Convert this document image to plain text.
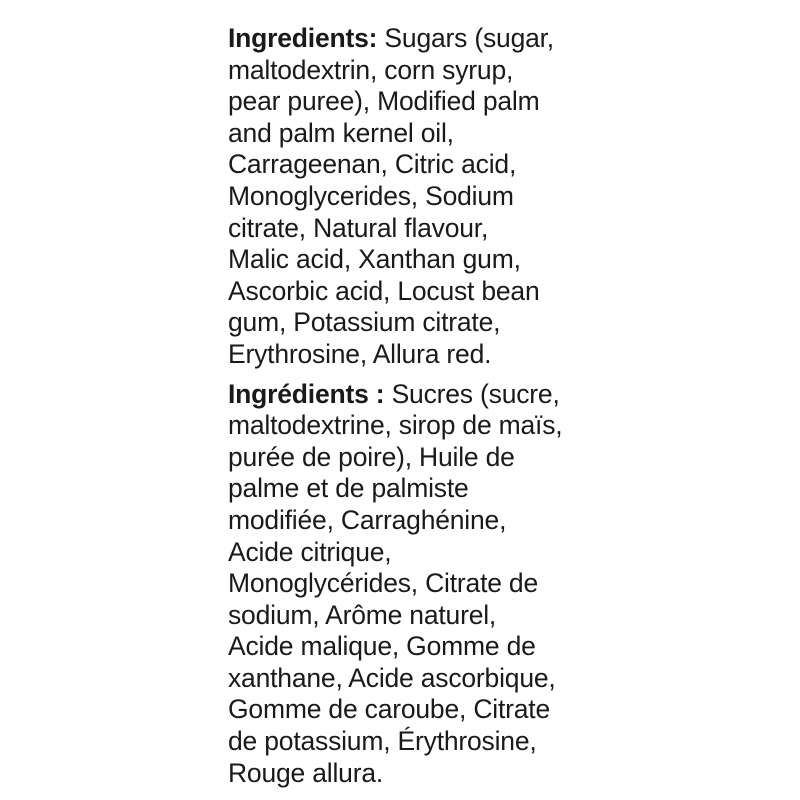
Ingredients: Sugars (sugar,
maltodextrin, corn syrup,
pear puree), Modified palm
and palm kernel oil,
Carrageenan, Citric acid,
Monoglycerides, Sodium
citrate, Natural flavour,
Malic acid, Xanthan gum,
Ascorbic acid, Locust bean
gum, Potassium citrate,
Erythrosine, Allura red.
Ingrédients : Sucres (sucre,
maltodextrine, sirop de maïs,
purée de poire), Huile de
palme et de palmiste
modifiée, Carraghénine,
Acide citrique,
Monoglycérides, Citrate de
sodium, Arôme naturel,
Acide malique, Gomme de
xanthane, Acide ascorbique,
Gomme de caroube, Citrate
de potassium, Érythrosine,
Rouge allura.
